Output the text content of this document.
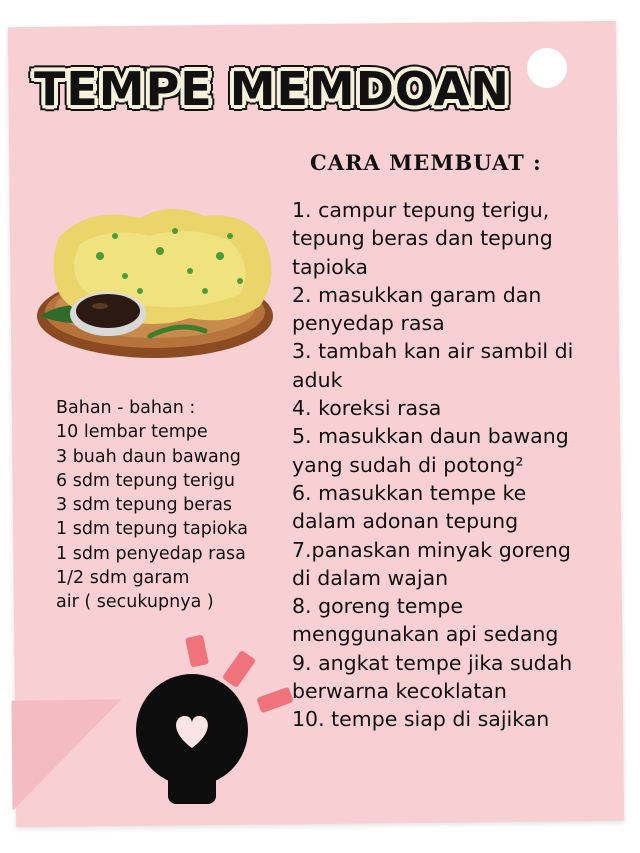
TEMPE MEMDOAN
CARA MEMBUAT :
1. campur tepung terigu,
tepung beras dan tepung
tapioka
2. masukkan garam dan
penyedap rasa
3. tambah kan air sambil di
aduk
4. koreksi rasa
5. masukkan daun bawang
yang sudah di potong²
6. masukkan tempe ke
dalam adonan tepung
7.panaskan minyak goreng
di dalam wajan
8. goreng tempe
menggunakan api sedang
9. angkat tempe jika sudah
berwarna kecoklatan
10. tempe siap di sajikan
Bahan - bahan :
10 lembar tempe
3 buah daun bawang
6 sdm tepung terigu
3 sdm tepung beras
1 sdm tepung tapioka
1 sdm penyedap rasa
1/2 sdm garam
air ( secukupnya )
